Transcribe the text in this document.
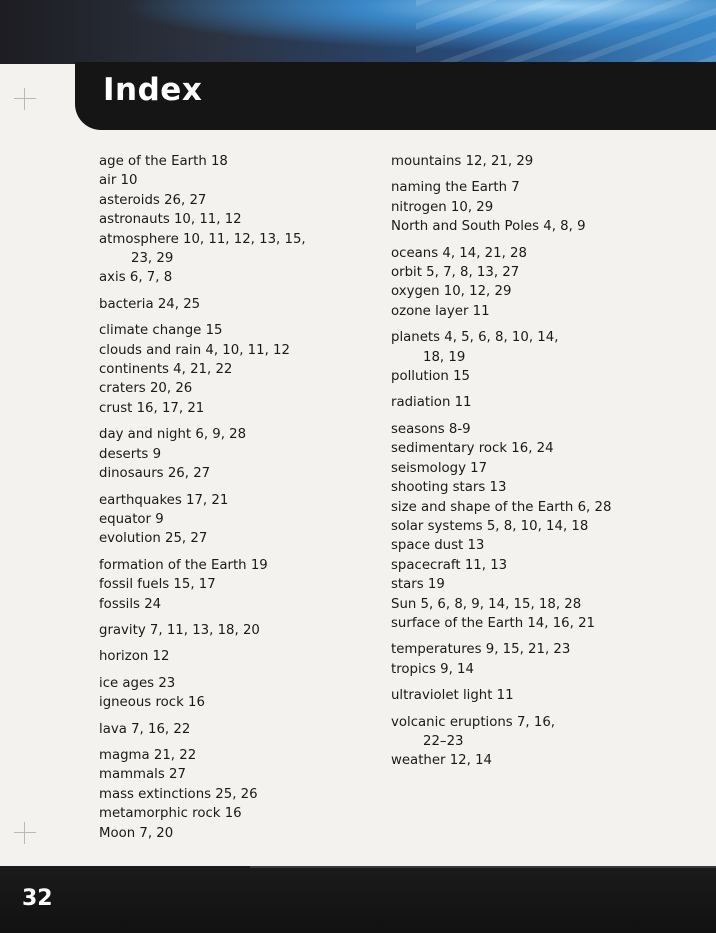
Index
age of the Earth 18
air 10
asteroids 26, 27
astronauts 10, 11, 12
atmosphere 10, 11, 12, 13, 15,
23, 29
axis 6, 7, 8
bacteria 24, 25
climate change 15
clouds and rain 4, 10, 11, 12
continents 4, 21, 22
craters 20, 26
crust 16, 17, 21
day and night 6, 9, 28
deserts 9
dinosaurs 26, 27
earthquakes 17, 21
equator 9
evolution 25, 27
formation of the Earth 19
fossil fuels 15, 17
fossils 24
gravity 7, 11, 13, 18, 20
horizon 12
ice ages 23
igneous rock 16
lava 7, 16, 22
magma 21, 22
mammals 27
mass extinctions 25, 26
metamorphic rock 16
Moon 7, 20
mountains 12, 21, 29
naming the Earth 7
nitrogen 10, 29
North and South Poles 4, 8, 9
oceans 4, 14, 21, 28
orbit 5, 7, 8, 13, 27
oxygen 10, 12, 29
ozone layer 11
planets 4, 5, 6, 8, 10, 14,
18, 19
pollution 15
radiation 11
seasons 8-9
sedimentary rock 16, 24
seismology 17
shooting stars 13
size and shape of the Earth 6, 28
solar systems 5, 8, 10, 14, 18
space dust 13
spacecraft 11, 13
stars 19
Sun 5, 6, 8, 9, 14, 15, 18, 28
surface of the Earth 14, 16, 21
temperatures 9, 15, 21, 23
tropics 9, 14
ultraviolet light 11
volcanic eruptions 7, 16,
22–23
weather 12, 14
32
